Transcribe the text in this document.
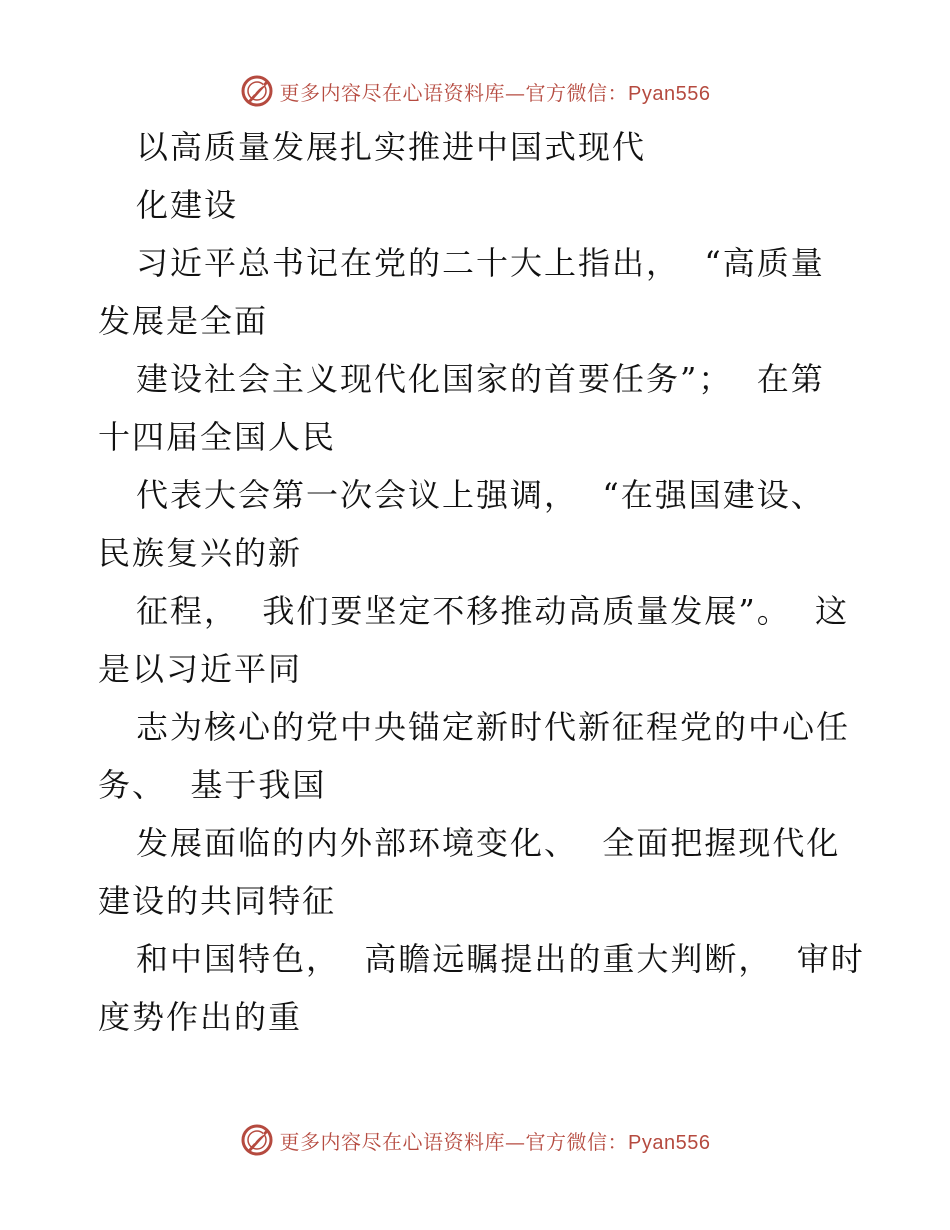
更多内容尽在心语资料库—官方微信：Pyan556
以高质量发展扎实推进中国式现代
化建设
习近平总书记在党的二十大上指出，  “高质量
发展是全面
建设社会主义现代化国家的首要任务”；  在第
十四届全国人民
代表大会第一次会议上强调，  “在强国建设、
民族复兴的新
征程，  我们要坚定不移推动高质量发展”。  这
是以习近平同
志为核心的党中央锚定新时代新征程党的中心任
务、  基于我国
发展面临的内外部环境变化、  全面把握现代化
建设的共同特征
和中国特色，  高瞻远瞩提出的重大判断，  审时
度势作出的重
更多内容尽在心语资料库—官方微信：Pyan556
